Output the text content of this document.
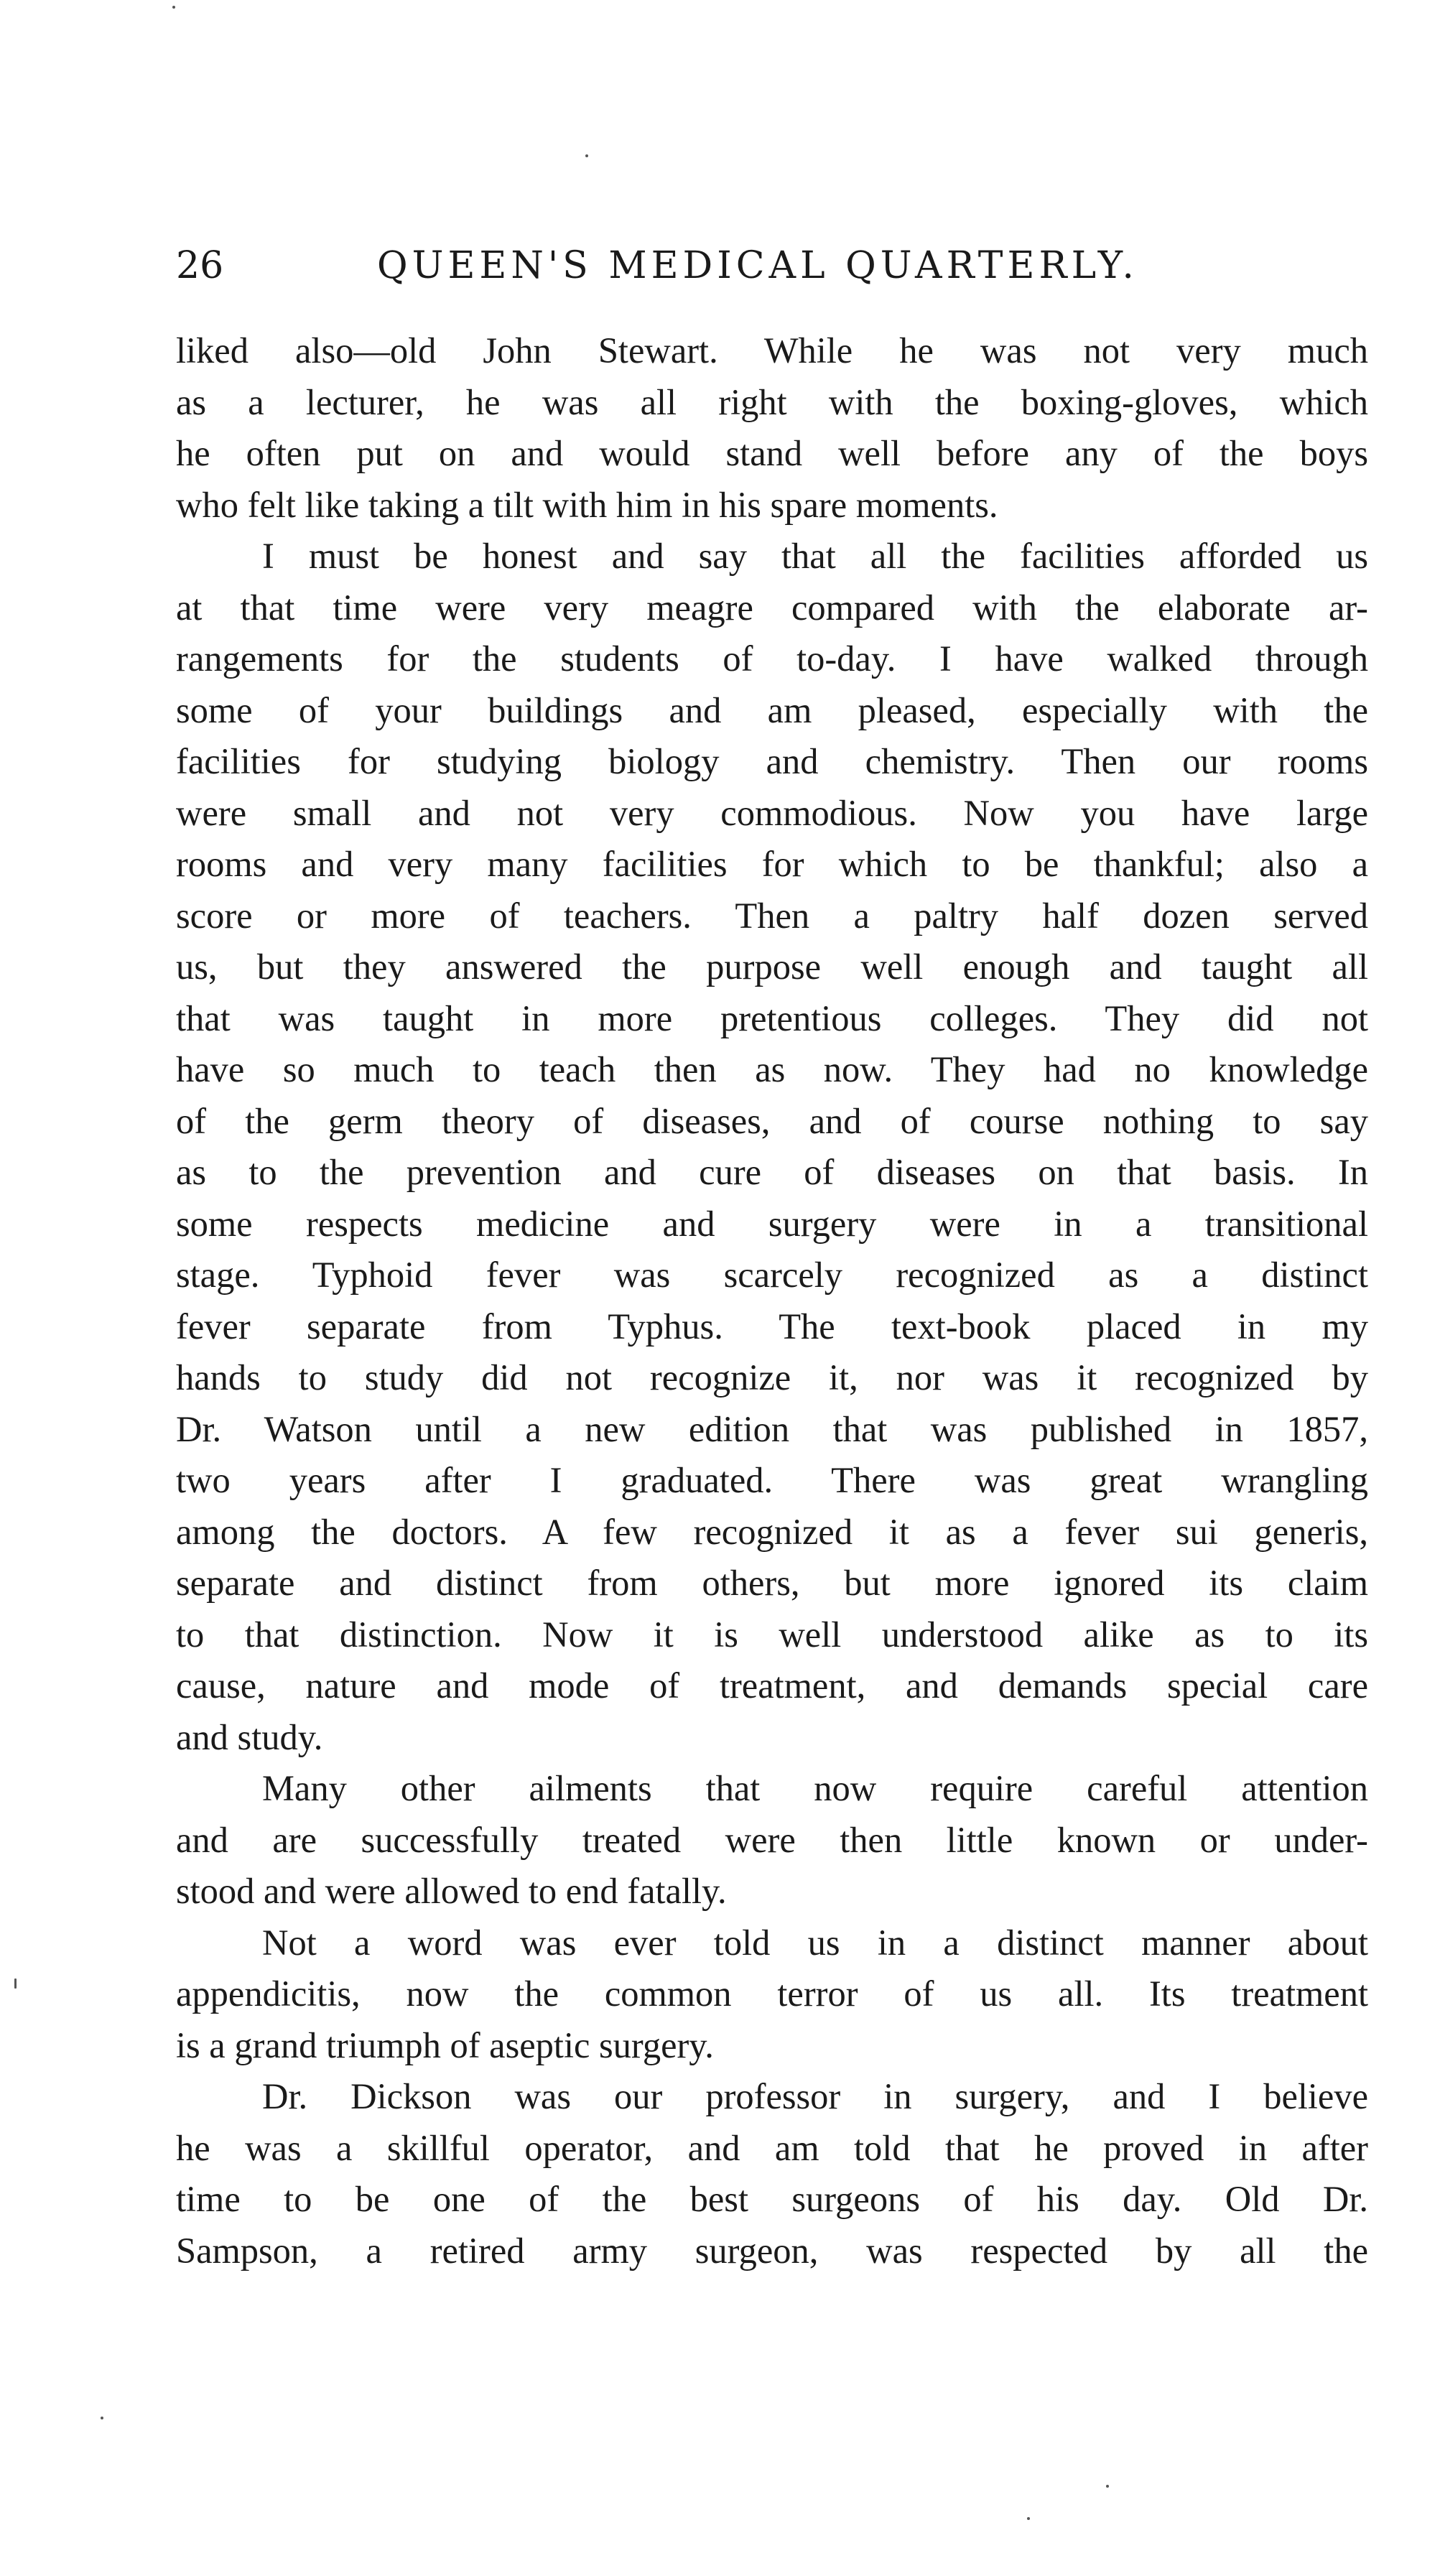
26	QUEEN'S MEDICAL QUARTERLY.
liked also—old John Stewart. While he was not very much
as a lecturer, he was all right with the boxing-gloves, which
he often put on and would stand well before any of the boys
who felt like taking a tilt with him in his spare moments.
I must be honest and say that all the facilities afforded us
at that time were very meagre compared with the elaborate ar-
rangements for the students of to-day. I have walked through
some of your buildings and am pleased, especially with the
facilities for studying biology and chemistry. Then our rooms
were small and not very commodious. Now you have large
rooms and very many facilities for which to be thankful; also a
score or more of teachers. Then a paltry half dozen served
us, but they answered the purpose well enough and taught all
that was taught in more pretentious colleges. They did not
have so much to teach then as now. They had no knowledge
of the germ theory of diseases, and of course nothing to say
as to the prevention and cure of diseases on that basis. In
some respects medicine and surgery were in a transitional
stage. Typhoid fever was scarcely recognized as a distinct
fever separate from Typhus. The text-book placed in my
hands to study did not recognize it, nor was it recognized by
Dr. Watson until a new edition that was published in 1857,
two years after I graduated. There was great wrangling
among the doctors. A few recognized it as a fever sui generis,
separate and distinct from others, but more ignored its claim
to that distinction. Now it is well understood alike as to its
cause, nature and mode of treatment, and demands special care
and study.
Many other ailments that now require careful attention
and are successfully treated were then little known or under-
stood and were allowed to end fatally.
Not a word was ever told us in a distinct manner about
appendicitis, now the common terror of us all. Its treatment
is a grand triumph of aseptic surgery.
Dr. Dickson was our professor in surgery, and I believe
he was a skillful operator, and am told that he proved in after
time to be one of the best surgeons of his day. Old Dr.
Sampson, a retired army surgeon, was respected by all the
